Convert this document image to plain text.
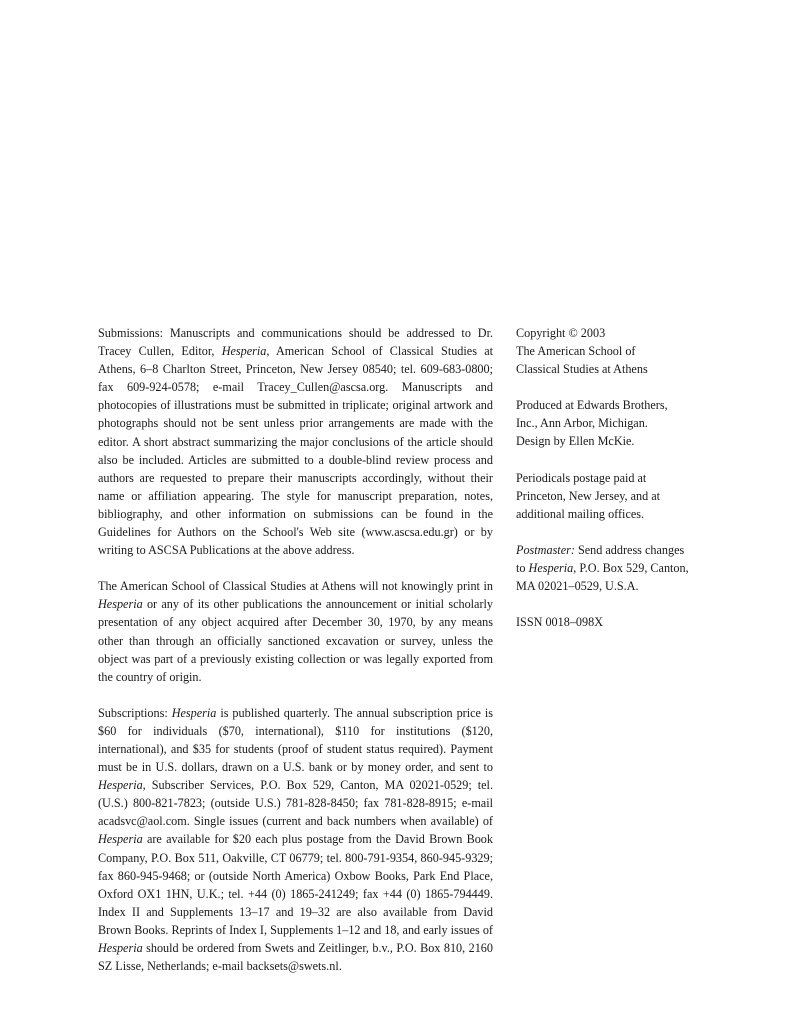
Submissions: Manuscripts and communications should be addressed to Dr. Tracey Cullen, Editor, Hesperia, American School of Classical Studies at Athens, 6–8 Charlton Street, Princeton, New Jersey 08540; tel. 609-683-0800; fax 609-924-0578; e-mail Tracey_Cullen@ascsa.org. Manuscripts and photocopies of illustrations must be submitted in triplicate; original artwork and photographs should not be sent unless prior arrangements are made with the editor. A short abstract summarizing the major conclusions of the article should also be included. Articles are submitted to a double-blind review process and authors are requested to prepare their manuscripts accordingly, without their name or affiliation appearing. The style for manuscript preparation, notes, bibliography, and other information on submissions can be found in the Guidelines for Authors on the School's Web site (www.ascsa.edu.gr) or by writing to ASCSA Publications at the above address.

The American School of Classical Studies at Athens will not knowingly print in Hesperia or any of its other publications the announcement or initial scholarly presentation of any object acquired after December 30, 1970, by any means other than through an officially sanctioned excavation or survey, unless the object was part of a previously existing collection or was legally exported from the country of origin.

Subscriptions: Hesperia is published quarterly. The annual subscription price is $60 for individuals ($70, international), $110 for institutions ($120, international), and $35 for students (proof of student status required). Payment must be in U.S. dollars, drawn on a U.S. bank or by money order, and sent to Hesperia, Subscriber Services, P.O. Box 529, Canton, MA 02021-0529; tel. (U.S.) 800-821-7823; (outside U.S.) 781-828-8450; fax 781-828-8915; e-mail acadsvc@aol.com. Single issues (current and back numbers when available) of Hesperia are available for $20 each plus postage from the David Brown Book Company, P.O. Box 511, Oakville, CT 06779; tel. 800-791-9354, 860-945-9329; fax 860-945-9468; or (outside North America) Oxbow Books, Park End Place, Oxford OX1 1HN, U.K.; tel. +44 (0) 1865-241249; fax +44 (0) 1865-794449. Index II and Supplements 13–17 and 19–32 are also available from David Brown Books. Reprints of Index I, Supplements 1–12 and 18, and early issues of Hesperia should be ordered from Swets and Zeitlinger, b.v., P.O. Box 810, 2160 SZ Lisse, Netherlands; e-mail backsets@swets.nl.

Copyright © 2003
The American School of
Classical Studies at Athens

Produced at Edwards Brothers,
Inc., Ann Arbor, Michigan.
Design by Ellen McKie.

Periodicals postage paid at
Princeton, New Jersey, and at
additional mailing offices.

Postmaster: Send address changes
to Hesperia, P.O. Box 529, Canton,
MA 02021–0529, U.S.A.

ISSN 0018–098X
